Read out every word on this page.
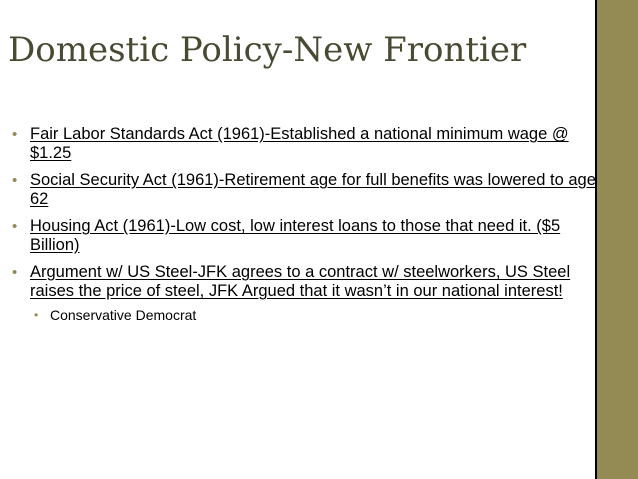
Domestic Policy-New Frontier
• Fair Labor Standards Act (1961)-Established a national minimum wage @ $1.25
• Social Security Act (1961)-Retirement age for full benefits was lowered to age 62
• Housing Act (1961)-Low cost, low interest loans to those that need it. ($5 Billion)
• Argument w/ US Steel-JFK agrees to a contract w/ steelworkers, US Steel raises the price of steel, JFK Argued that it wasn’t in our national interest!
• Conservative Democrat
